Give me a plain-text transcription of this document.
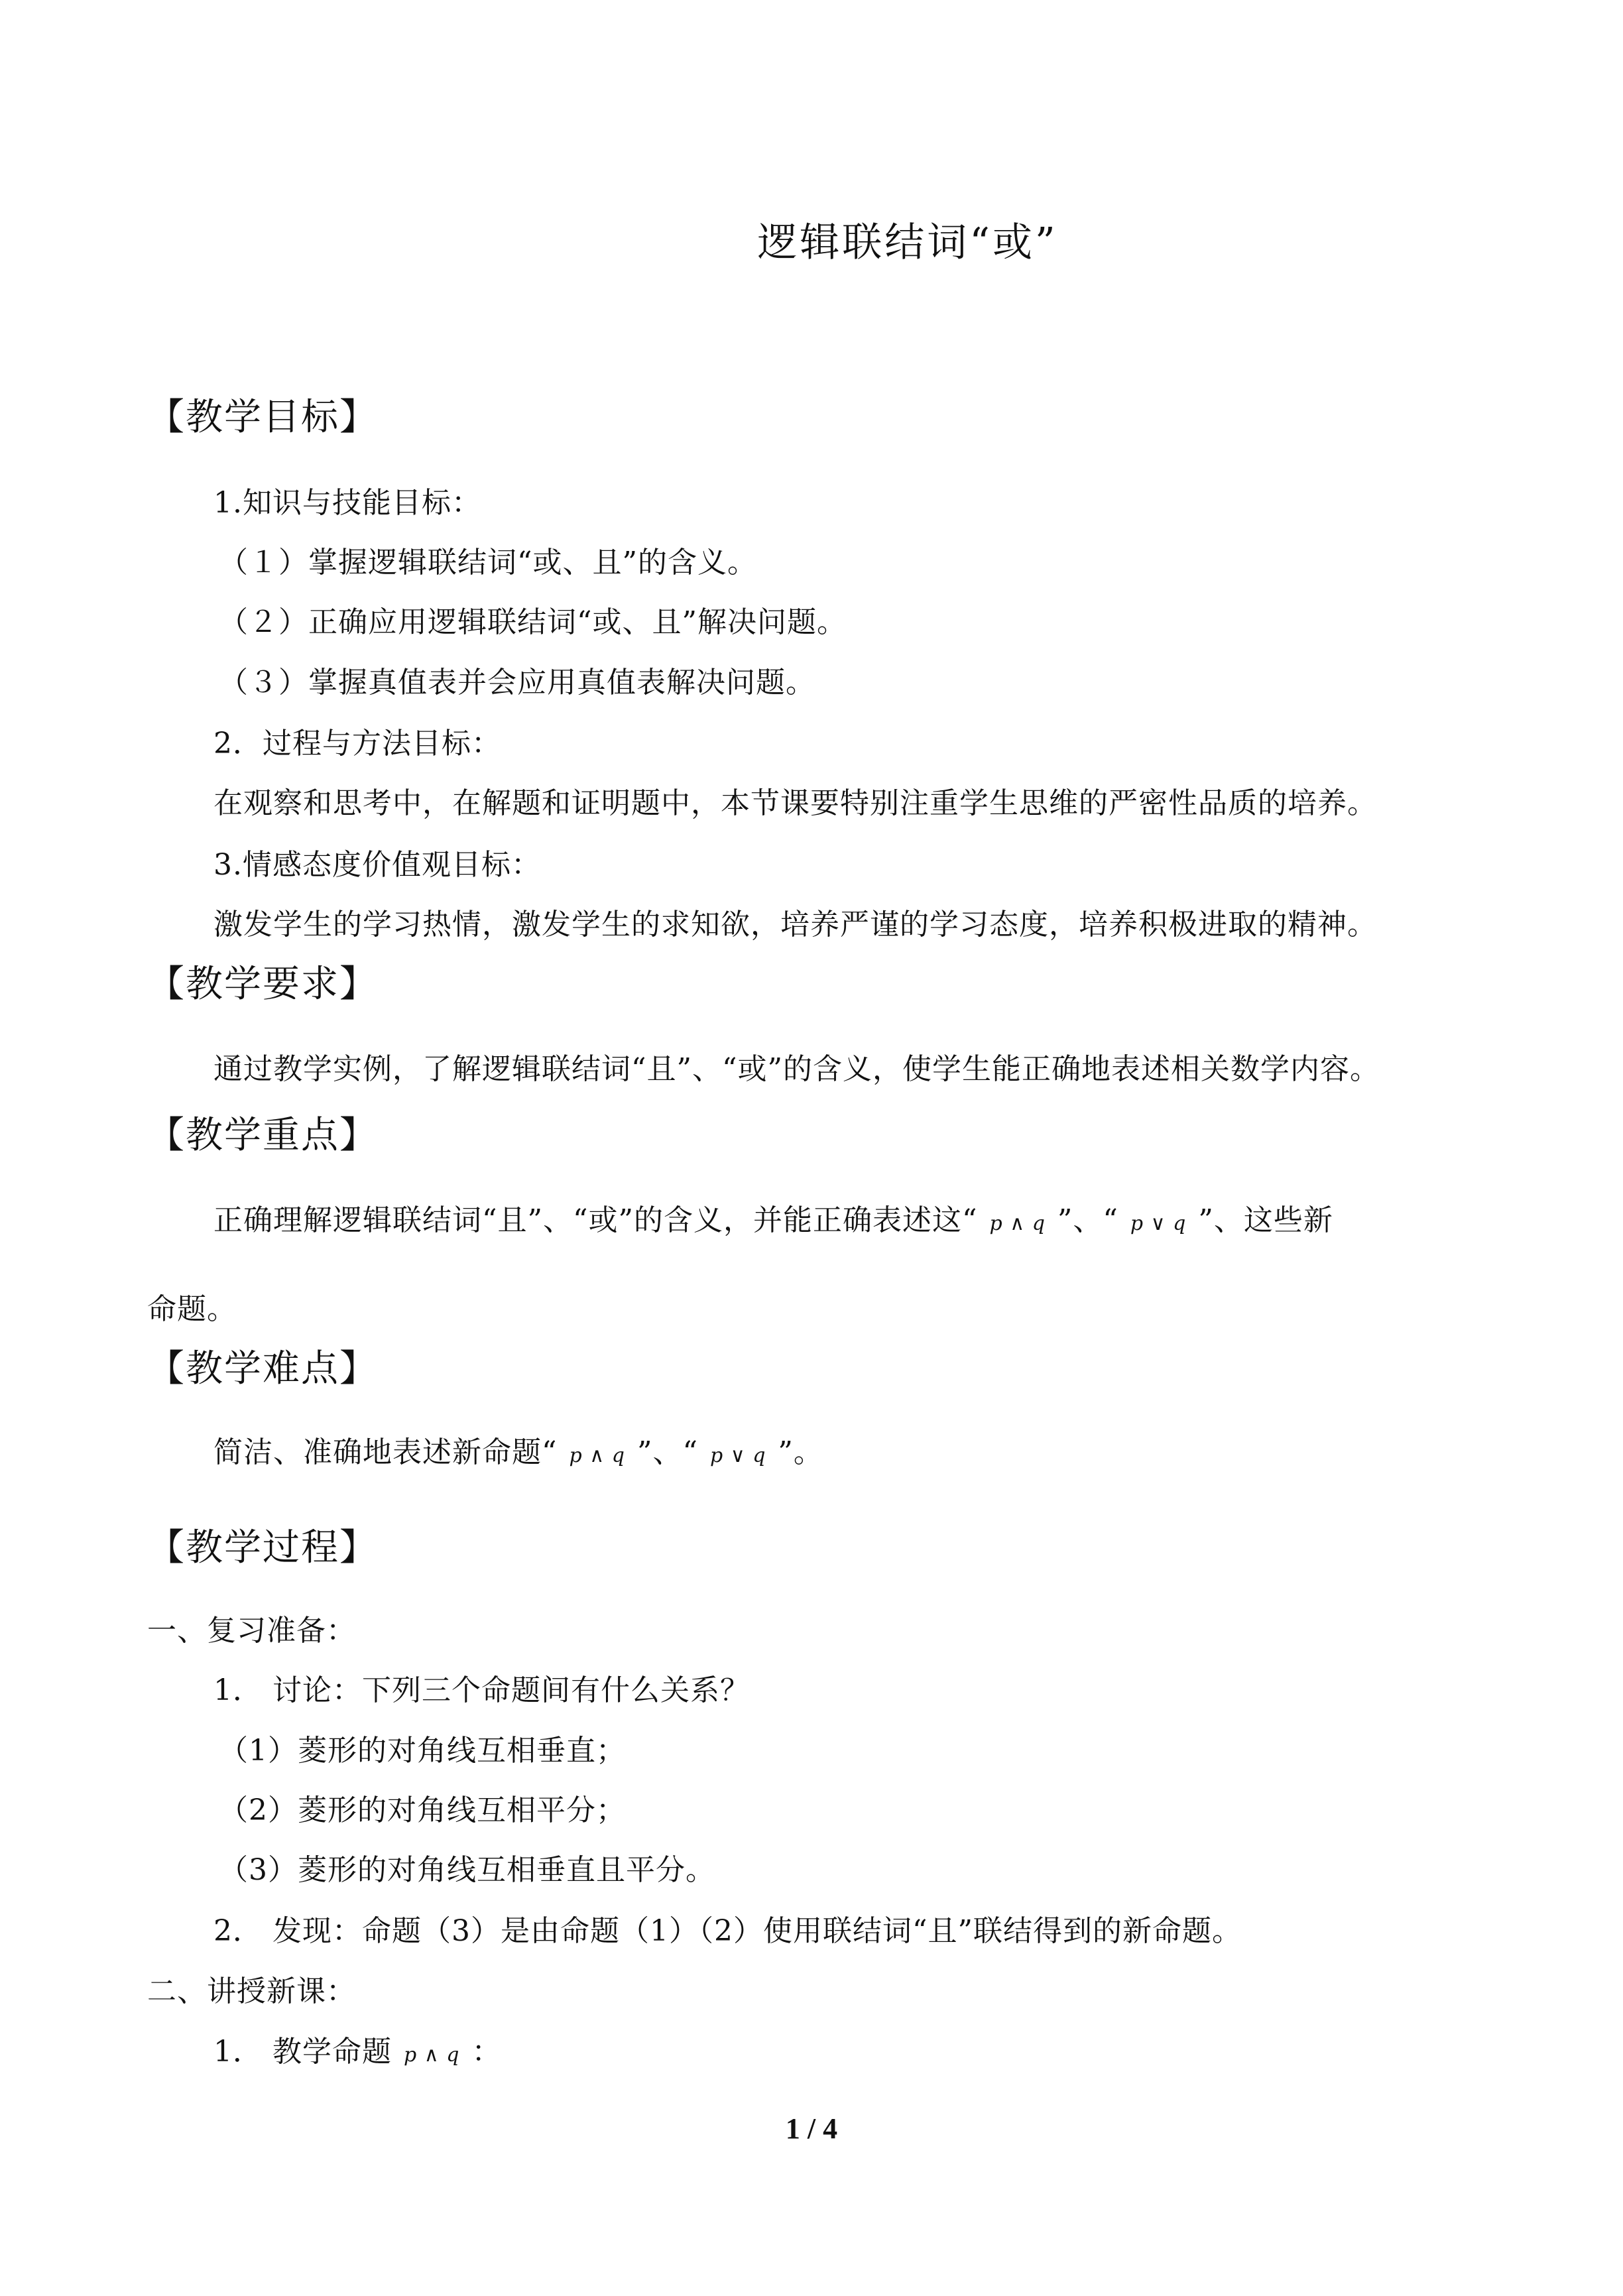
逻辑联结词“或”
【教学目标】
1.知识与技能目标：
（１）掌握逻辑联结词“或、且”的含义。
（２）正确应用逻辑联结词“或、且”解决问题。
（３）掌握真值表并会应用真值表解决问题。
2．过程与方法目标：
在观察和思考中，在解题和证明题中，本节课要特别注重学生思维的严密性品质的培养。
3.情感态度价值观目标：
激发学生的学习热情，激发学生的求知欲，培养严谨的学习态度，培养积极进取的精神。
【教学要求】
通过教学实例，了解逻辑联结词“且”、“或”的含义，使学生能正确地表述相关数学内容。
【教学重点】
正确理解逻辑联结词“且”、“或”的含义，并能正确表述这“ p ∧ q ”、“ p ∨ q ”、这些新
命题。
【教学难点】
简洁、准确地表述新命题“ p ∧ q ”、“ p ∨ q ”。
【教学过程】
一、复习准备：
1． 讨论：下列三个命题间有什么关系？
（1）菱形的对角线互相垂直；
（2）菱形的对角线互相平分；
（3）菱形的对角线互相垂直且平分。
2． 发现：命题（3）是由命题（1）（2）使用联结词“且”联结得到的新命题。
二、讲授新课：
1． 教学命题 p ∧ q ：
1 / 4
